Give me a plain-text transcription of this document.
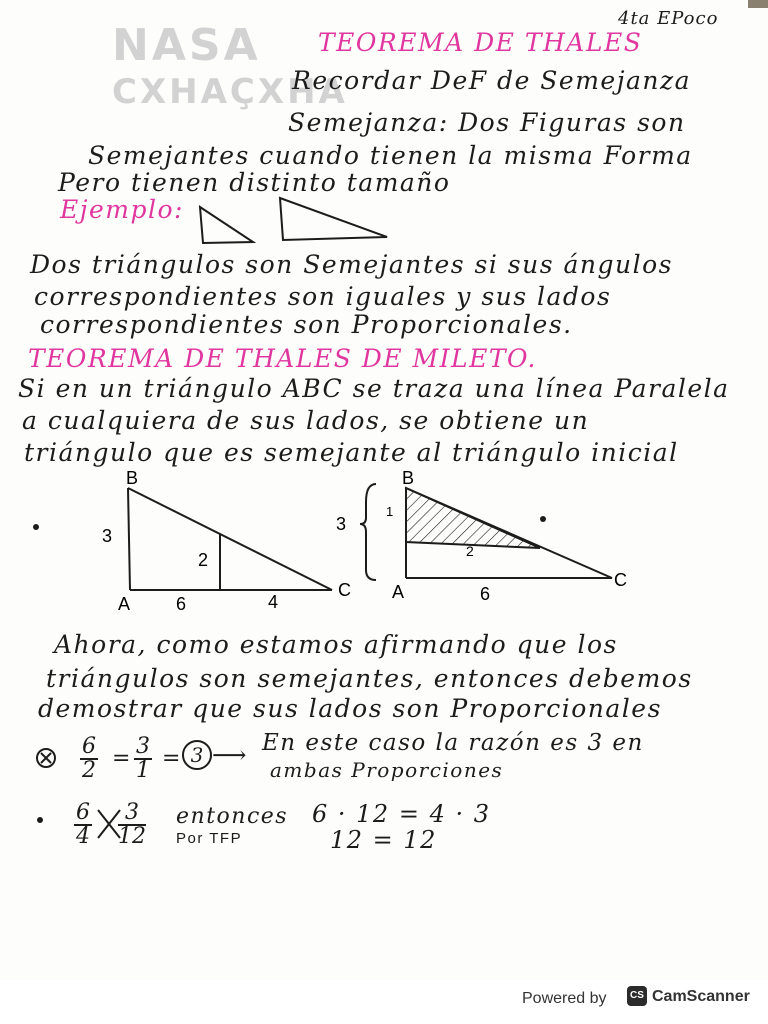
NASA
CXHAÇXHA
4ta EPoco
TEOREMA DE THALES
Recordar DeF de Semejanza
Semejanza: Dos Figuras son
Semejantes cuando tienen la misma Forma
Pero tienen distinto tamaño
Ejemplo:
Dos triángulos son Semejantes si sus ángulos
correspondientes son iguales y sus lados
correspondientes son Proporcionales.
TEOREMA DE THALES DE MILETO.
Si en un triángulo ABC se traza una línea Paralela
a cualquiera de sus lados, se obtiene un
triángulo que es semejante al triángulo inicial
B
A
C
3
2
6	4
B
A
C
3
1
2
6
Ahora, como estamos afirmando que los
triángulos son semejantes, entonces debemos
demostrar que sus lados son Proporcionales
$\frac{6}{2} = \frac{3}{1} = 3$ ⟶ En este caso la razón es 3 en
ambas Proporciones
$\frac{6}{4} \frac{3}{12}$ entonces
Por TFP
6 · 12 = 4 · 3
12 = 12
Powered by	CS CamScanner
